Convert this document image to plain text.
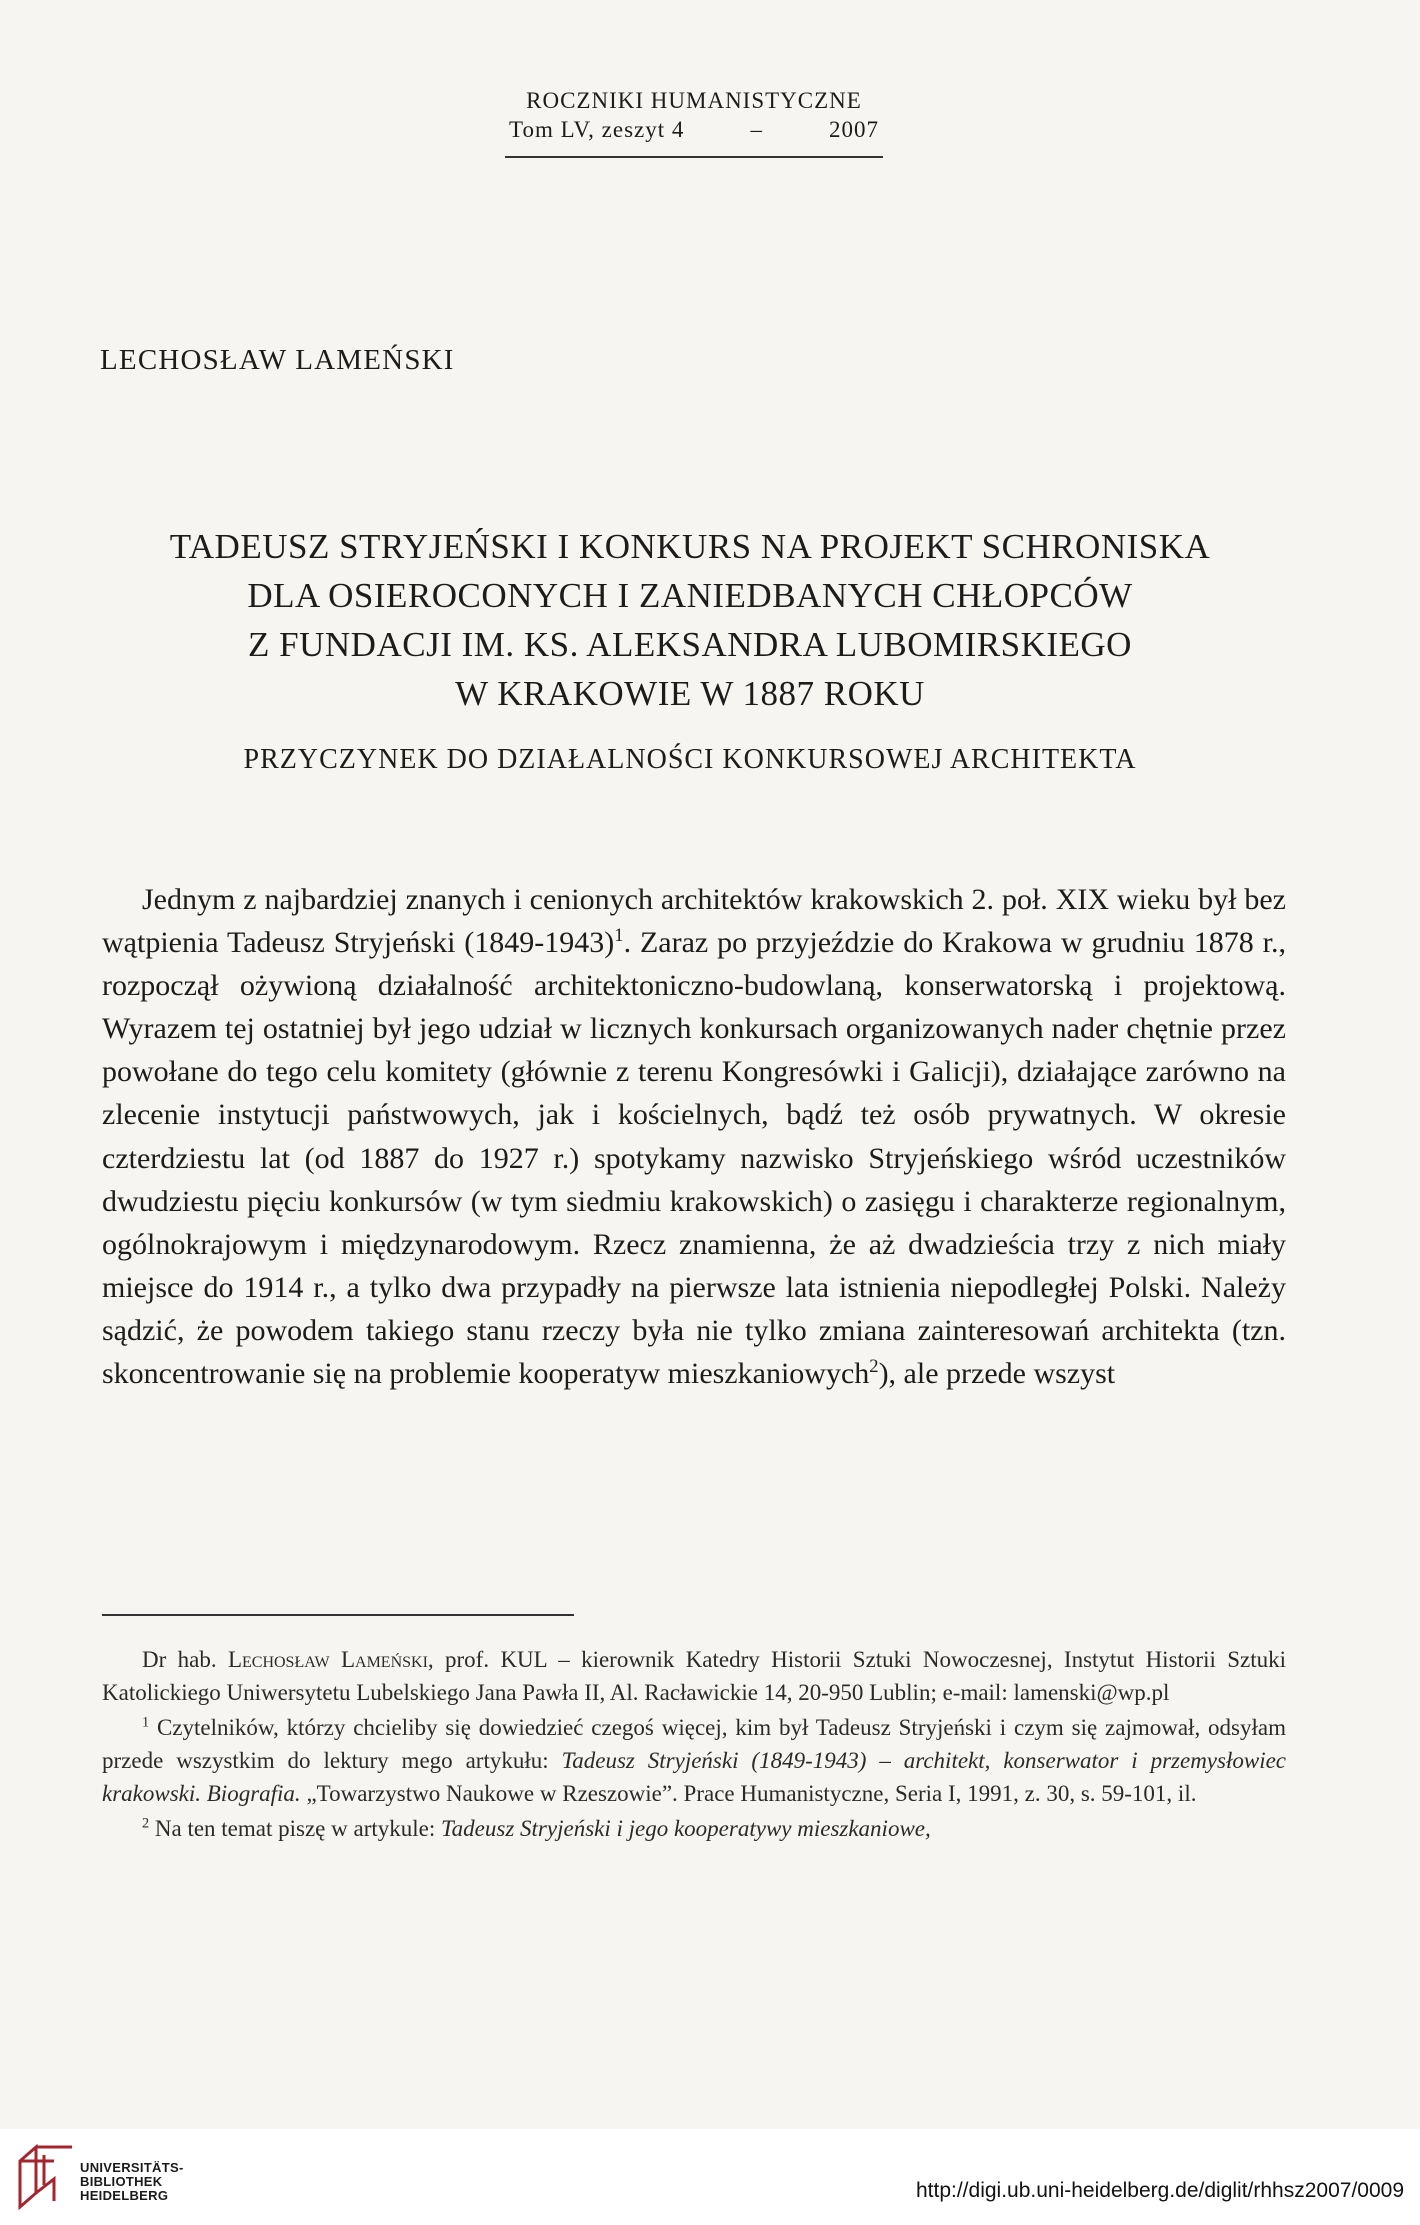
ROCZNIKI HUMANISTYCZNE
Tom LV, zeszyt 4	–	2007
LECHOSŁAW LAMEŃSKI
TADEUSZ STRYJEŃSKI I KONKURS NA PROJEKT SCHRONISKA
DLA OSIEROCONYCH I ZANIEDBANYCH CHŁOPCÓW
Z FUNDACJI IM. KS. ALEKSANDRA LUBOMIRSKIEGO
W KRAKOWIE W 1887 ROKU
PRZYCZYNEK DO DZIAŁALNOŚCI KONKURSOWEJ ARCHITEKTA

Jednym z najbardziej znanych i cenionych architektów krakowskich 2. poł. XIX wieku był bez wątpienia Tadeusz Stryjeński (1849-1943)$^1$. Zaraz po przyjeździe do Krakowa w grudniu 1878 r., rozpoczął ożywioną działalność architektoniczno-budowlaną, konserwatorską i projektową. Wyrazem tej ostatniej był jego udział w licznych konkursach organizowanych nader chętnie przez powołane do tego celu komitety (głównie z terenu Kongresówki i Galicji), działające zarówno na zlecenie instytucji państwowych, jak i kościelnych, bądź też osób prywatnych. W okresie czterdziestu lat (od 1887 do 1927 r.) spotykamy nazwisko Stryjeńskiego wśród uczestników dwudziestu pięciu konkursów (w tym siedmiu krakowskich) o zasięgu i charakterze regionalnym, ogólnokrajowym i międzynarodowym. Rzecz znamienna, że aż dwadzieścia trzy z nich miały miejsce do 1914 r., a tylko dwa przypadły na pierwsze lata istnienia niepodległej Polski. Należy sądzić, że powodem takiego stanu rzeczy była nie tylko zmiana zainteresowań architekta (tzn. skoncentrowanie się na problemie kooperatyw mieszkaniowych$^2$), ale przede wszyst

Dr hab. Lechosław Lameński, prof. KUL – kierownik Katedry Historii Sztuki Nowoczesnej, Instytut Historii Sztuki Katolickiego Uniwersytetu Lubelskiego Jana Pawła II, Al. Racławickie 14, 20-950 Lublin; e-mail: lamenski@wp.pl

$^1$ Czytelników, którzy chcieliby się dowiedzieć czegoś więcej, kim był Tadeusz Stryjeński i czym się zajmował, odsyłam przede wszystkim do lektury mego artykułu: Tadeusz Stryjeński (1849-1943) – architekt, konserwator i przemysłowiec krakowski. Biografia. „Towarzystwo Naukowe w Rzeszowie”. Prace Humanistyczne, Seria I, 1991, z. 30, s. 59-101, il.

$^2$ Na ten temat piszę w artykule: Tadeusz Stryjeński i jego kooperatywy mieszkaniowe,

UNIVERSITÄTS-
BIBLIOTHEK
HEIDELBERG	http://digi.ub.uni-heidelberg.de/diglit/rhhsz2007/0009
